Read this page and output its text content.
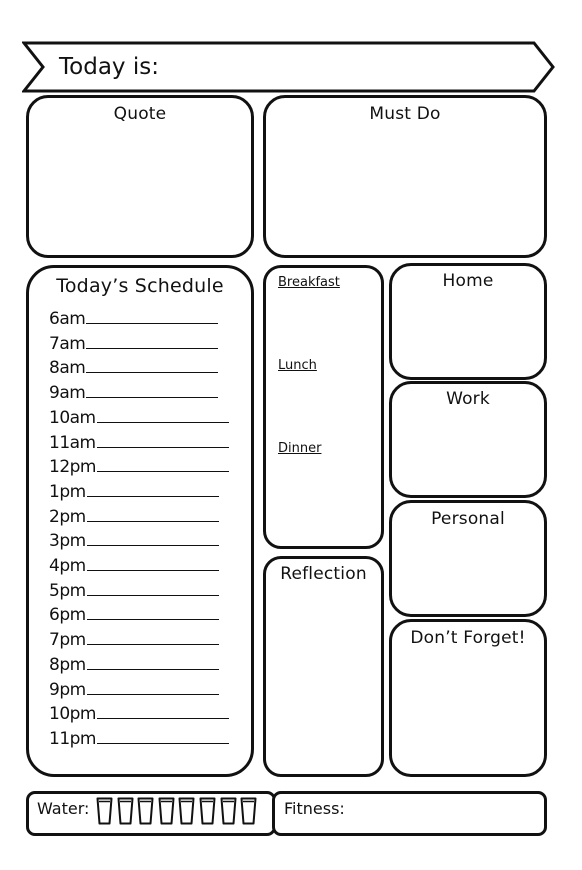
Today is:
Quote	Must Do
Today’s Schedule
6am
7am
8am
9am
10am
11am
12pm
1pm
2pm
3pm
4pm
5pm
6pm
7pm
8pm
9pm
10pm
11pm
Breakfast
Lunch
Dinner
Reflection
Home
Work
Personal
Don’t Forget!
Water:	Fitness:
